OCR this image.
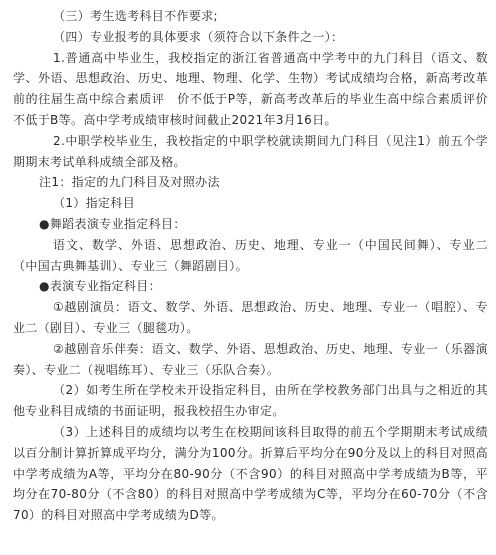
（三）考生选考科目不作要求;

（四）专业报考的具体要求（须符合以下条件之一）：

1.普通高中毕业生，我校指定的浙江省普通高中学考中的九门科目（语文、数学、外语、思想政治、历史、地理、物理、化学、生物）考试成绩均合格，新高考改革前的往届生高中综合素质评　价不低于P等，新高考改革后的毕业生高中综合素质评价不低于B等。高中学考成绩审核时间截止2021年3月16日。

2.中职学校毕业生，我校指定的中职学校就读期间九门科目（见注1）前五个学期期末考试单科成绩全部及格。

注1：指定的九门科目及对照办法

（1）指定科目

●舞蹈表演专业指定科目：

语文、数学、外语、思想政治、历史、地理、专业一（中国民间舞）、专业二（中国古典舞基训）、专业三（舞蹈剧目）。

●表演专业指定科目：

①越剧演员：语文、数学、外语、思想政治、历史、地理、专业一（唱腔）、专业二（剧目）、专业三（腿毯功）。

②越剧音乐伴奏：语文、数学、外语、思想政治、历史、地理、专业一（乐器演奏）、专业二（视唱练耳）、专业三（乐队合奏）。

（2）如考生所在学校未开设指定科目，由所在学校教务部门出具与之相近的其他专业科目成绩的书面证明，报我校招生办审定。

（3）上述科目的成绩均以考生在校期间该科目取得的前五个学期期末考试成绩以百分制计算折算成平均分，满分为100分。折算后平均分在90分及以上的科目对照高中学考成绩为A等，平均分在80-90分（不含90）的科目对照高中学考成绩为B等，平均分在70-80分（不含80）的科目对照高中学考成绩为C等，平均分在60-70分（不含70）的科目对照高中学考成绩为D等。
